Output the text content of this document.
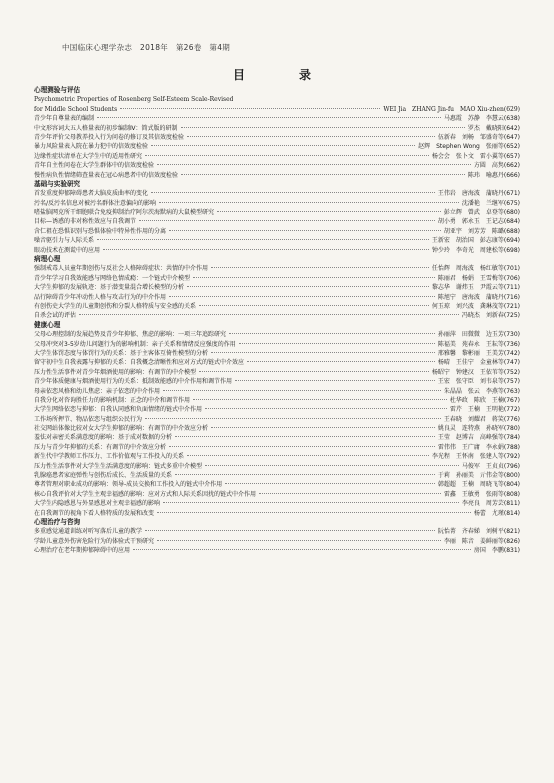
中国临床心理学杂志　2018年　第26卷　第4期
目　　录
心理测验与评估
Psychometric Properties of Rosenberg Self-Esteem Scale-Revised
for Middle School Students	WEI Jia　ZHANG Jin-fu　MAO Xiu-zhen(629)
青少年自尊量表的编制	马惠霞　苏静　李慧云(638)
中文形容词大五人格量表的初步编制Ⅳ：简式版的研制	罗杰　戴晓阳(642)
青少年评价父母教养投入行为问卷的修订及其信效度检验	伍新春　刘畅　邹盛奇等(647)
暴力风险量表入院在暴力犯中的信效度检验	赵辉　Stephen Wong　张丽等(652)
边缘性症状清单在大学生中的适用性研究	杨会会　张卜文　雷小翼等(657)
青年自主性问卷在大学生群体中的信效度检验	方圆　高隽(662)
慢性病负性情绪筛查量表在冠心病患者中的信效度检验	陈玮　喻惠丹(666)
基础与实验研究
首发重度抑郁障碍患者大脑皮质曲率的变化	王伟岩　唐海波　蒲晓丹(671)
污名/反污名信息对被污名群体注意偏向的影响	沈潘艳　兰继军(675)
嗜盐脑网克所干细胞联合免疫抑制治疗阿尔茨海默病的大鼠模型研究	彭立辉　曾武　卓登等(680)
目标—诱惑的非对称性效应与自我调节	胡小勇　郭永玉　王记志(684)
含仁祖在恐惧识别与恐惧体验中特异性作用的分离	胡亚宇　刘芳芳　陈璐(688)
噪音驱引力与人际关系	王新宏　胡治国　彭志康等(694)
眼动技术在测谎中的应用	钟少玲　李奇光　周建松等(698)
病理心理
强制戒毒人员童年期创伤与反社会人格障碍症状：共情的中介作用	任怡辉　周海波　杨红敏等(701)
青少年学习自我效能感与网络色情成瘾：一个链式中介模型	陈丽君　杨娟　王雪梅等(706)
大学生抑郁的发展轨迹：基于潜变量混合增长模型的分析	黎志华　谢炜玉　尹霞云等(711)
品行障碍青少年冲动性人格与攻击行为的中介作用	陈旭宁　唐海波　蒲晓丹(716)
有创伤史大学生的儿童期创伤和分裂人格特质与安全感的关系	何玉琼　刘兴波　龚琳茂等(721)
自杀会试的评估	冯晓杰　刘新春(725)
健康心理
父母心理控制的发展趋势及青少年抑郁、焦虑的影响：一项三年追踪研究	孙丽萍　田微微　边玉芳(730)
父母冲突对3-5岁幼儿问题行为的影响机制：亲子关系和情绪反应强度的作用	陈福美　苑春永　王耘等(736)
大学生体罚态度与体罚行为的关系：基于主客体互倚性模型的分析	邢雅馨　黎彬丽　王美芳(742)
留守初中生自我表露与抑郁的关系：自我概念清晰性和应对方式的链式中介效应	杨晴　王佳宁　金童林等(747)
压力性生活事件对青少年烟酒使用的影响：有调节的中介模型	杨昭宁　钟建汉　王依苇等(752)
青少年体质健康与烟酒使用行为的关系：抵制效能感的中介作用和调节作用	王宏　张守臣　刘韦泉等(757)
母亲依恋风格和幼儿焦虑：亲子依恋的中介作用	朱晶晶　张云　李燕等(763)
自我分化对咨询胜任力的影响机制：正念的中介和调节作用	杜华政　陈欣　王楠(767)
大学生网络依恋与抑郁：自我认同感和负面情绪的链式中介作用	雷芹　王楠　王明艳(772)
工作场所押节、物品依恋与组织公民行为	王春晓　刘耀君　蒋笑(776)
社交网站体像比较对女大学生抑郁的影响：有调节的中介效应分析	姚良灵　连特燕　孙晓军(780)
羞怯对亲密关系满意度的影响：基于成对数据的分析	王莹　赵博吉　高峰强等(784)
压力与青少年抑郁的关系：有调节的中介效应分析	雷伟伟　王广庸　李永娟(788)
新生代中学教师工作压力、工作价值观与工作投入的关系	李光程　王怀南　张建人等(792)
压力性生活事件对大学生生活满意度的影响：链式多重中介模型	马俊军　王贞贞(796)
乳腺癌患者家庭弹性与创伤后成长、生活质量的关系	于莉　孙丽美　亓伟金等(800)
尊者管理对职业成功的影响：领导-成员交换和工作投入的链式中介作用	韩超超　王楠　周晓飞等(804)
核心自我评价对大学生主观幸福感的影响：应对方式和人际关系因扰的链式中介作用	雷鑫　王敏勇　张雨等(808)
大学生内隐感恩与外显感恩对主观幸福感的影响	李亮良　周芳芸(811)
在自我调节的视角下看人格特质的发展和改变	杨蕾　尤瑾(814)
心理治疗与咨询
多重感觉通道训练对听写落后儿童的教学	阮怡菁　齐春娣　刘树平(821)
学龄儿童意外伤害危险行为的体验式干预研究	李丽　陈音　姜鲜丽等(826)
心理治疗在老年期抑郁障碍中的应用	房国　李鹏(831)
